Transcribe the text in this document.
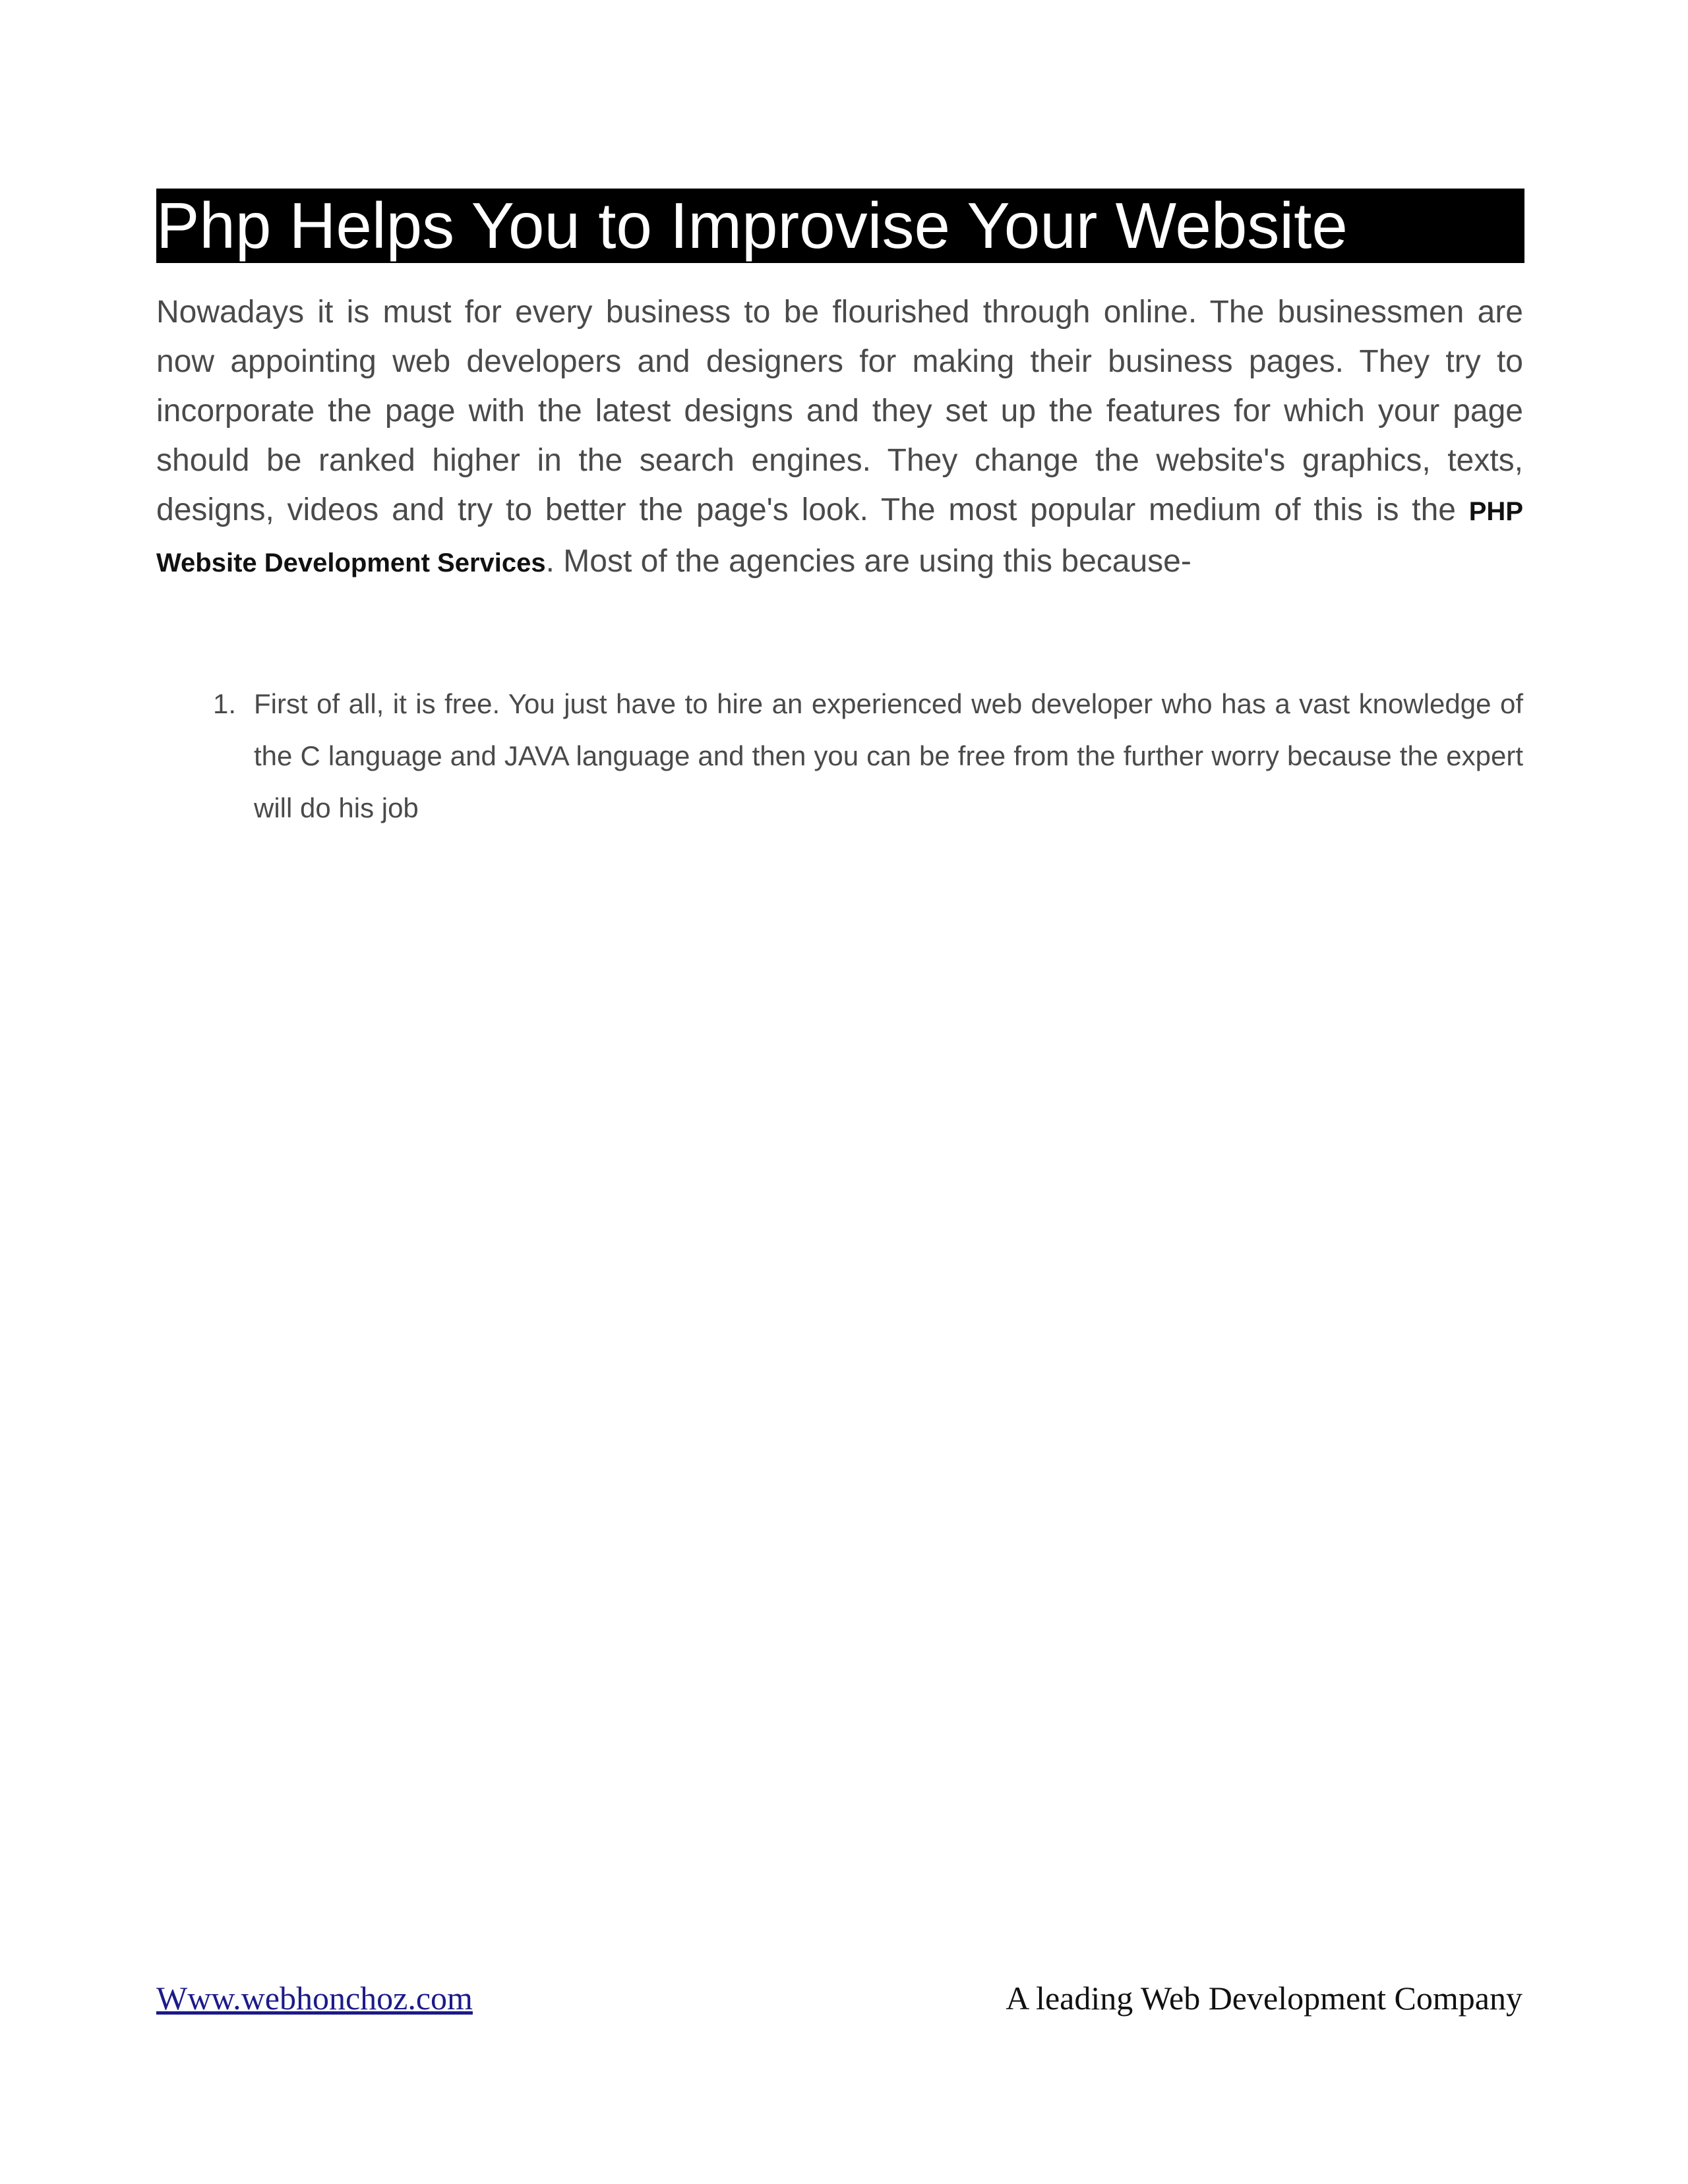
Php Helps You to Improvise Your Website

Nowadays it is must for every business to be flourished through online. The businessmen are now appointing web developers and designers for making their business pages. They try to incorporate the page with the latest designs and they set up the features for which your page should be ranked higher in the search engines. They change the website's graphics, texts, designs, videos and try to better the page's look. The most popular medium of this is the PHP Website Development Services. Most of the agencies are using this because-

1. First of all, it is free. You just have to hire an experienced web developer who has a vast knowledge of the C language and JAVA language and then you can be free from the further worry because the expert will do his job
Www.webhonchoz.com	A leading Web Development Company
